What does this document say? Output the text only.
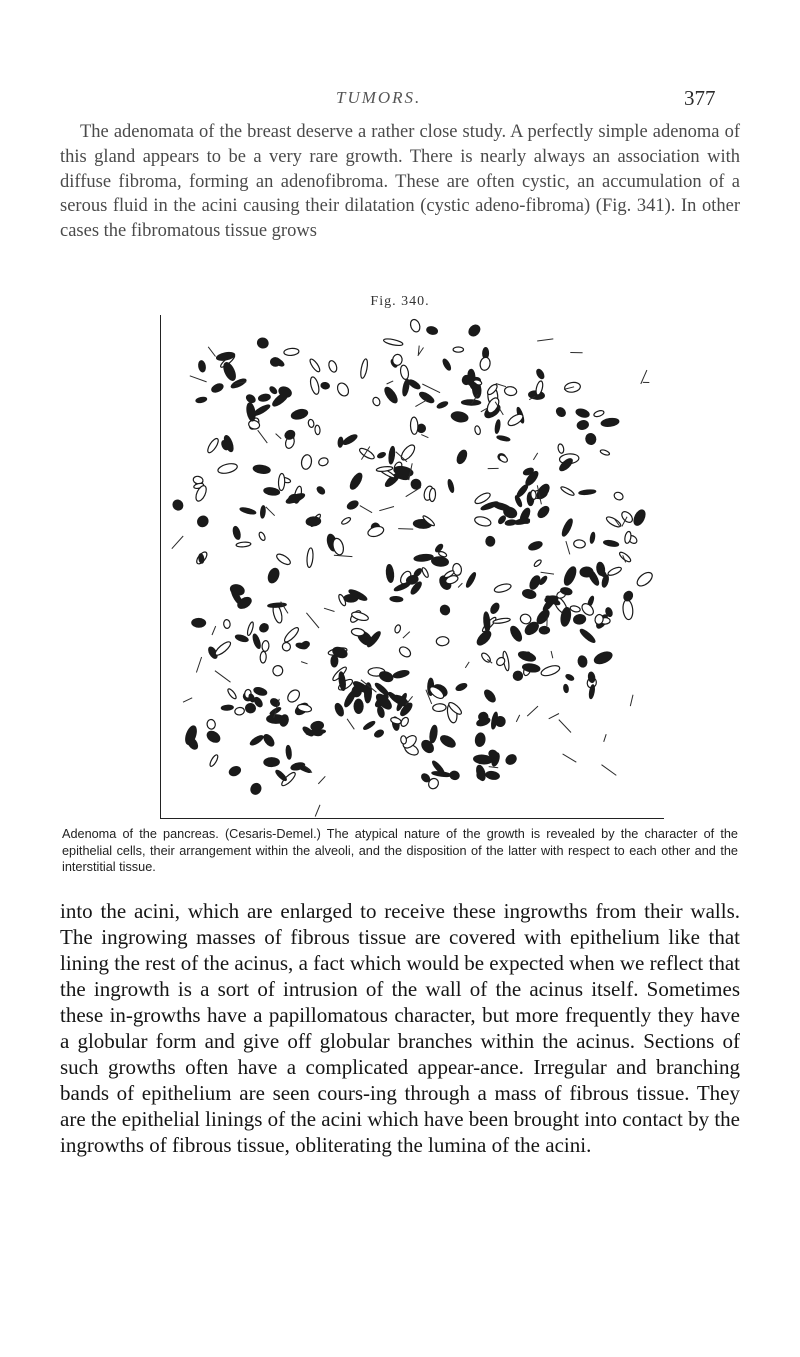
TUMORS.	377

The adenomata of the breast deserve a rather close study. A perfectly simple adenoma of this gland appears to be a very rare growth. There is nearly always an association with diffuse fibroma, forming an adenofibroma. These are often cystic, an accumulation of a serous fluid in the acini causing their dilatation (cystic adeno-fibroma) (Fig. 341). In other cases the fibromatous tissue grows

Fig. 340.

Adenoma of the pancreas. (Cesaris-Demel.) The atypical nature of the growth is revealed by the character of the epithelial cells, their arrangement within the alveoli, and the disposition of the latter with respect to each other and the interstitial tissue.

into the acini, which are enlarged to receive these ingrowths from their walls. The ingrowing masses of fibrous tissue are covered with epithelium like that lining the rest of the acinus, a fact which would be expected when we reflect that the ingrowth is a sort of intrusion of the wall of the acinus itself. Sometimes these in-growths have a papillomatous character, but more frequently they have a globular form and give off globular branches within the acinus. Sections of such growths often have a complicated appear-ance. Irregular and branching bands of epithelium are seen cours-ing through a mass of fibrous tissue. They are the epithelial linings of the acini which have been brought into contact by the ingrowths of fibrous tissue, obliterating the lumina of the acini.
